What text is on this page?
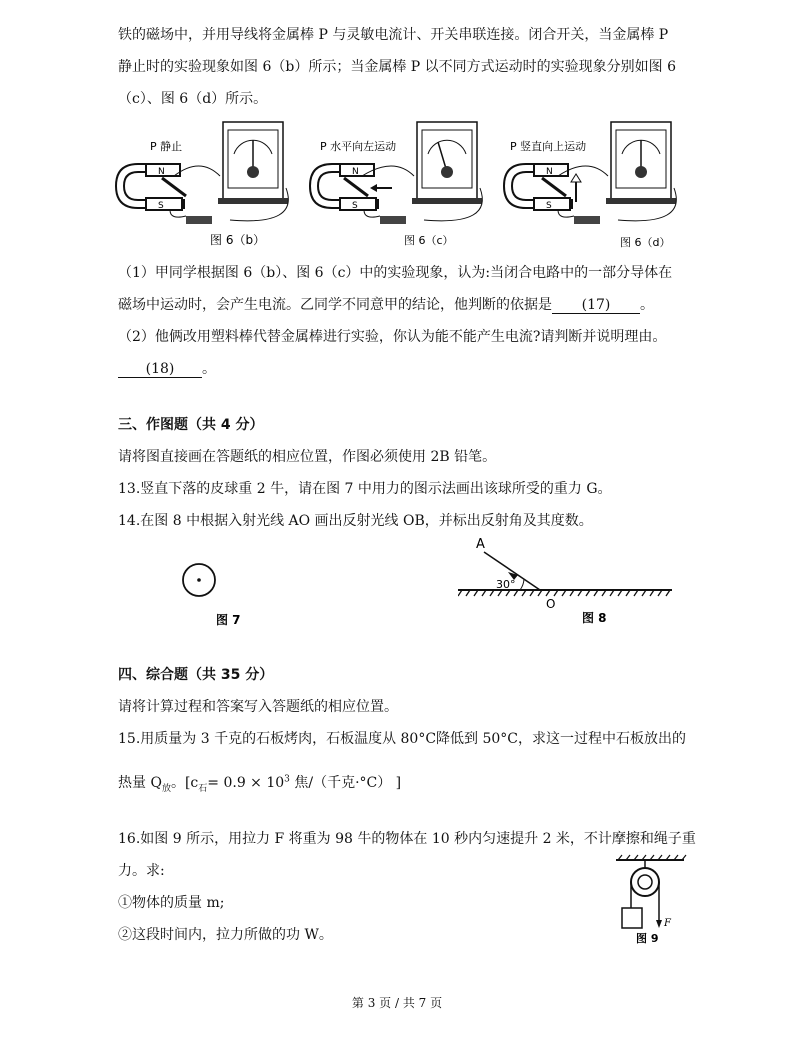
铁的磁场中，并用导线将金属棒 P 与灵敏电流计、开关串联连接。闭合开关，当金属棒 P
静止时的实验现象如图 6（b）所示；当金属棒 P 以不同方式运动时的实验现象分别如图 6
（c）、图 6（d）所示。
N
S
P 静止
图 6（b）
N
S
P 水平向左运动
图 6（c）
N
S
P 竖直向上运动
图 6（d）
（1）甲同学根据图 6（b）、图 6（c）中的实验现象，认为:当闭合电路中的一部分导体在
磁场中运动时，会产生电流。乙同学不同意甲的结论，他判断的依据是 (17) 。
（2）他俩改用塑料棒代替金属棒进行实验，你认为能不能产生电流?请判断并说明理由。
(18) 。
三、作图题（共 4 分）
请将图直接画在答题纸的相应位置，作图必须使用 2B 铅笔。
13.竖直下落的皮球重 2 牛，请在图 7 中用力的图示法画出该球所受的重力 G。
14.在图 8 中根据入射光线 AO 画出反射光线 OB，并标出反射角及其度数。
图 7
A
30°
O
图 8
四、综合题（共 35 分）
请将计算过程和答案写入答题纸的相应位置。
15.用质量为 3 千克的石板烤肉，石板温度从 80°C降低到 50°C，求这一过程中石板放出的
热量 $Q_放$。[$c_石= 0.9 \times 10^3$ 焦/（千克·°C） ]
16.如图 9 所示，用拉力 F 将重为 98 牛的物体在 10 秒内匀速提升 2 米，不计摩擦和绳子重
力。求:
①物体的质量 m;
②这段时间内，拉力所做的功 W。
F
图 9
第 3 页 / 共 7 页
